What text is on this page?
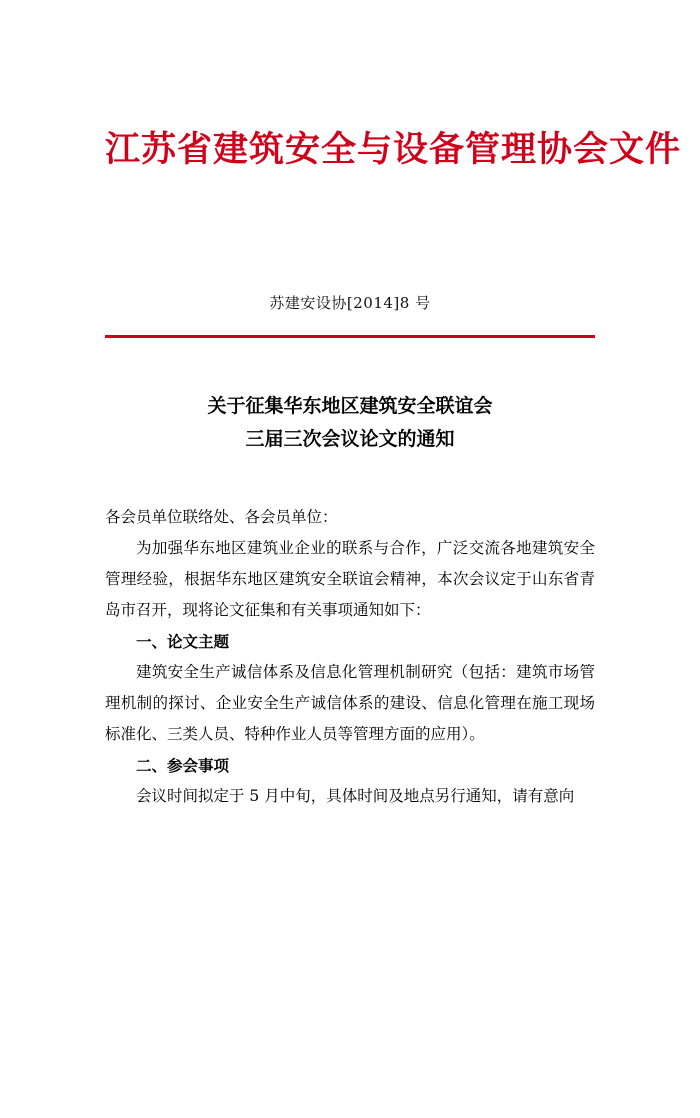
江苏省建筑安全与设备管理协会文件
苏建安设协[2014]8 号
关于征集华东地区建筑安全联谊会
三届三次会议论文的通知

各会员单位联络处、各会员单位：

为加强华东地区建筑业企业的联系与合作，广泛交流各地建筑安全管理经验，根据华东地区建筑安全联谊会精神，本次会议定于山东省青岛市召开，现将论文征集和有关事项通知如下：

一、论文主题

建筑安全生产诚信体系及信息化管理机制研究（包括：建筑市场管理机制的探讨、企业安全生产诚信体系的建设、信息化管理在施工现场标准化、三类人员、特种作业人员等管理方面的应用）。

二、参会事项

会议时间拟定于 5 月中旬，具体时间及地点另行通知，请有意向
